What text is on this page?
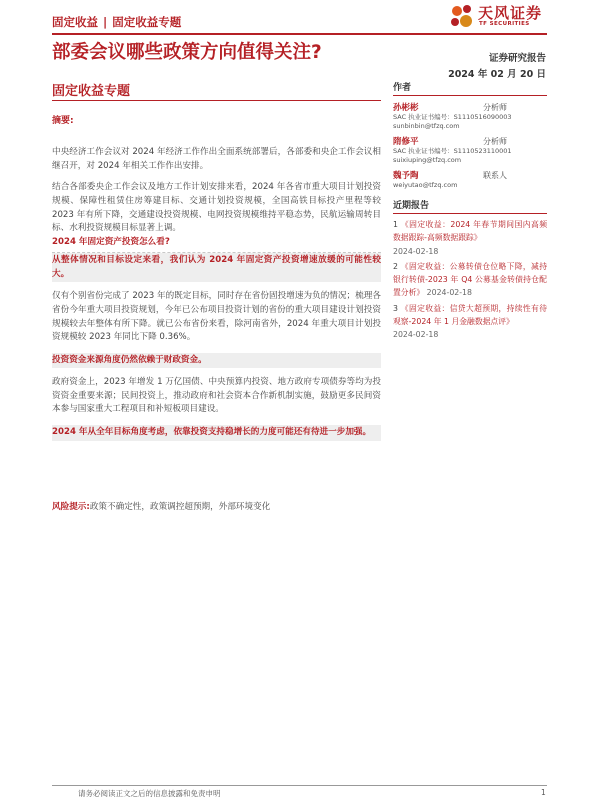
固定收益 | 固定收益专题	天风证券
TF SECURITIES
部委会议哪些政策方向值得关注?	证券研究报告
2024 年 02 月 20 日
固定收益专题

摘要:

中央经济工作会议对 2024 年经济工作作出全面系统部署后，各部委和央企工作会议相继召开，对 2024 年相关工作作出安排。

结合各部委央企工作会议及地方工作计划安排来看，2024 年各省市重大项目计划投资规模、保障性租赁住房筹建目标、交通计划投资规模，全国高铁目标投产里程等较 2023 年有所下降，交通建设投资规模、电网投资规模维持平稳态势，民航运输周转目标、水利投资规模目标显著上调。

2024 年固定资产投资怎么看?

从整体情况和目标设定来看，我们认为 2024 年固定资产投资增速放缓的可能性较大。

仅有个别省份完成了 2023 年的既定目标，同时存在省份固投增速为负的情况；梳理各省份今年重大项目投资规划，今年已公布项目投资计划的省份的重大项目建设计划投资规模较去年整体有所下降。就已公布省份来看，除河南省外，2024 年重大项目计划投资规模较 2023 年同比下降 0.36%。

投资资金来源角度仍然依赖于财政资金。

政府资金上，2023 年增发 1 万亿国债、中央预算内投资、地方政府专项债券等均为投资资金重要来源；民间投资上，推动政府和社会资本合作新机制实施，鼓励更多民间资本参与国家重大工程项目和补短板项目建设。

2024 年从全年目标角度考虑，依靠投资支持稳增长的力度可能还有待进一步加强。

风险提示:政策不确定性，政策调控超预期，外部环境变化
作者
孙彬彬	分析师
SAC 执业证书编号：S1110516090003
sunbinbin@tfzq.com
隋修平	分析师
SAC 执业证书编号：S1110523110001
suixiuping@tfzq.com
魏予陶	联系人
weiyutao@tfzq.com
近期报告
1 《固定收益：2024 年春节期间国内高频数据跟踪-高频数据跟踪》
2024-02-18
2 《固定收益：公募转债仓位略下降，减持银行转债-2023 年 Q4 公募基金转债持仓配置分析》 2024-02-18
3 《固定收益：信贷大超预期，持续性有待观察-2024 年 1 月金融数据点评》
2024-02-18
请务必阅读正文之后的信息披露和免责申明	1
